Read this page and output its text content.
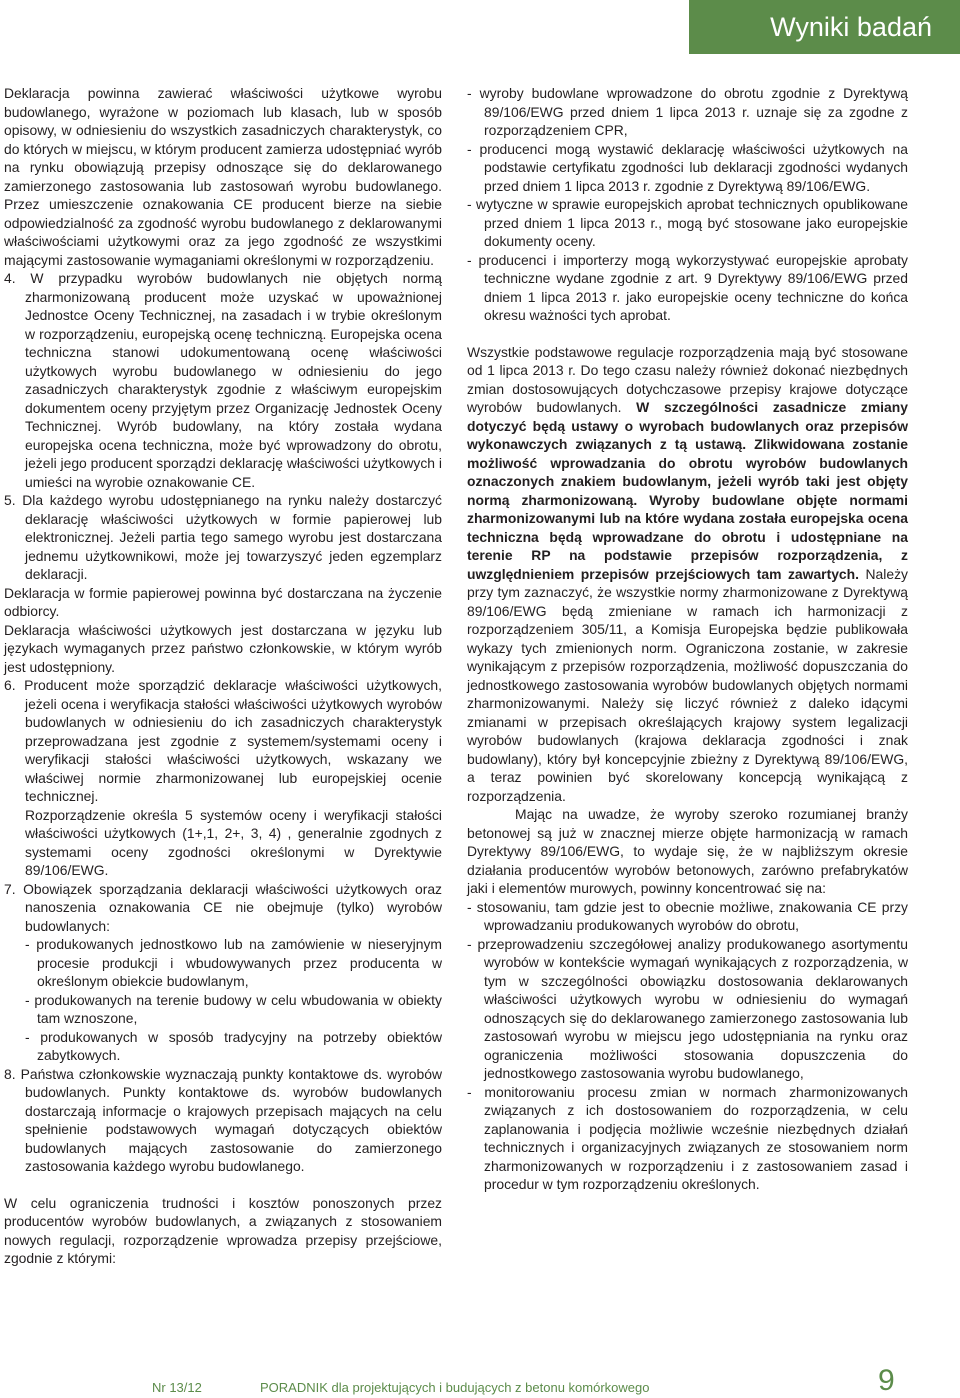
Wyniki badań

Deklaracja powinna zawierać właściwości użytkowe wyrobu budowlanego, wyrażone w poziomach lub klasach, lub w sposób opisowy, w odniesieniu do wszystkich zasadniczych charakterystyk, co do których w miejscu, w którym producent zamierza udostępniać wyrób na rynku obowiązują przepisy odnoszące się do deklarowanego zamierzonego zastosowania lub zastosowań wyrobu budowlanego. Przez umieszczenie oznakowania CE producent bierze na siebie odpowiedzialność za zgodność wyrobu budowlanego z deklarowanymi właściwościami użytkowymi oraz za jego zgodność ze wszystkimi mającymi zastosowanie wymaganiami określonymi w rozporządzeniu.

4. W przypadku wyrobów budowlanych nie objętych normą zharmonizowaną producent może uzyskać w upoważnionej Jednostce Oceny Technicznej, na zasadach i w trybie określonym w rozporządzeniu, europejską ocenę techniczną. Europejska ocena techniczna stanowi udokumentowaną ocenę właściwości użytkowych wyrobu budowlanego w odniesieniu do jego zasadniczych charakterystyk zgodnie z właściwym europejskim dokumentem oceny przyjętym przez Organizację Jednostek Oceny Technicznej. Wyrób budowlany, na który została wydana europejska ocena techniczna, może być wprowadzony do obrotu, jeżeli jego producent sporządzi deklarację właściwości użytkowych i umieści na wyrobie oznakowanie CE.

5. Dla każdego wyrobu udostępnianego na rynku należy dostarczyć deklarację właściwości użytkowych w formie papierowej lub elektronicznej. Jeżeli partia tego samego wyrobu jest dostarczana jednemu użytkownikowi, może jej towarzyszyć jeden egzemplarz deklaracji.

Deklaracja w formie papierowej powinna być dostarczana na życzenie odbiorcy.

Deklaracja właściwości użytkowych jest dostarczana w języku lub językach wymaganych przez państwo członkowskie, w którym wyrób jest udostępniony.

6. Producent może sporządzić deklaracje właściwości użytkowych, jeżeli ocena i weryfikacja stałości właściwości użytkowych wyrobów budowlanych w odniesieniu do ich zasadniczych charakterystyk przeprowadzana jest zgodnie z systemem/systemami oceny i weryfikacji stałości właściwości użytkowych, wskazany we właściwej normie zharmonizowanej lub europejskiej ocenie technicznej.

Rozporządzenie określa 5 systemów oceny i weryfikacji stałości właściwości użytkowych (1+,1, 2+, 3, 4) , generalnie zgodnych z systemami oceny zgodności określonymi w Dyrektywie 89/106/EWG.

7. Obowiązek sporządzania deklaracji właściwości użytkowych oraz nanoszenia oznakowania CE nie obejmuje (tylko) wyrobów budowlanych:

- produkowanych jednostkowo lub na zamówienie w nieseryjnym procesie produkcji i wbudowywanych przez producenta w określonym obiekcie budowlanym,

- produkowanych na terenie budowy w celu wbudowania w obiekty tam wznoszone,

- produkowanych w sposób tradycyjny na potrzeby obiektów zabytkowych.

8. Państwa członkowskie wyznaczają punkty kontaktowe ds. wyrobów budowlanych. Punkty kontaktowe ds. wyrobów budowlanych dostarczają informacje o krajowych przepisach mających na celu spełnienie podstawowych wymagań dotyczących obiektów budowlanych mających zastosowanie do zamierzonego zastosowania każdego wyrobu budowlanego.

W celu ograniczenia trudności i kosztów ponoszonych przez producentów wyrobów budowlanych, a związanych z stosowaniem nowych regulacji, rozporządzenie wprowadza przepisy przejściowe, zgodnie z którymi:

- wyroby budowlane wprowadzone do obrotu zgodnie z Dyrektywą 89/106/EWG przed dniem 1 lipca 2013 r. uznaje się za zgodne z rozporządzeniem CPR,

- producenci mogą wystawić deklarację właściwości użytkowych na podstawie certyfikatu zgodności lub deklaracji zgodności wydanych przed dniem 1 lipca 2013 r. zgodnie z Dyrektywą 89/106/EWG.

- wytyczne w sprawie europejskich aprobat technicznych opublikowane przed dniem 1 lipca 2013 r., mogą być stosowane jako europejskie dokumenty oceny.

- producenci i importerzy mogą wykorzystywać europejskie aprobaty techniczne wydane zgodnie z art. 9 Dyrektywy 89/106/EWG przed dniem 1 lipca 2013 r. jako europejskie oceny techniczne do końca okresu ważności tych aprobat.

Wszystkie podstawowe regulacje rozporządzenia mają być stosowane od 1 lipca 2013 r. Do tego czasu należy również dokonać niezbędnych zmian dostosowujących dotychczasowe przepisy krajowe dotyczące wyrobów budowlanych. W szczególności zasadnicze zmiany dotyczyć będą ustawy o wyrobach budowlanych oraz przepisów wykonawczych związanych z tą ustawą. Zlikwidowana zostanie możliwość wprowadzania do obrotu wyrobów budowlanych oznaczonych znakiem budowlanym, jeżeli wyrób taki jest objęty normą zharmonizowaną. Wyroby budowlane objęte normami zharmonizowanymi lub na które wydana została europejska ocena techniczna będą wprowadzane do obrotu i udostępniane na terenie RP na podstawie przepisów rozporządzenia, z uwzględnieniem przepisów przejściowych tam zawartych. Należy przy tym zaznaczyć, że wszystkie normy zharmonizowane z Dyrektywą 89/106/EWG będą zmieniane w ramach ich harmonizacji z rozporządzeniem 305/11, a Komisja Europejska będzie publikowała wykazy tych zmienionych norm. Ograniczona zostanie, w zakresie wynikającym z przepisów rozporządzenia, możliwość dopuszczania do jednostkowego zastosowania wyrobów budowlanych objętych normami zharmonizowanymi. Należy się liczyć również z daleko idącymi zmianami w przepisach określających krajowy system legalizacji wyrobów budowlanych (krajowa deklaracja zgodności i znak budowlany), który był koncepcyjnie zbieżny z Dyrektywą 89/106/EWG, a teraz powinien być skorelowany koncepcją wynikającą z rozporządzenia.

Mając na uwadze, że wyroby szeroko rozumianej branży betonowej są już w znacznej mierze objęte harmonizacją w ramach Dyrektywy 89/106/EWG, to wydaje się, że w najbliższym okresie działania producentów wyrobów betonowych, zarówno prefabrykatów jaki i elementów murowych, powinny koncentrować się na:

- stosowaniu, tam gdzie jest to obecnie możliwe, znakowania CE przy wprowadzaniu produkowanych wyrobów do obrotu,

- przeprowadzeniu szczegółowej analizy produkowanego asortymentu wyrobów w kontekście wymagań wynikających z rozporządzenia, w tym w szczególności obowiązku dostosowania deklarowanych właściwości użytkowych wyrobu w odniesieniu do wymagań odnoszących się do deklarowanego zamierzonego zastosowania lub zastosowań wyrobu w miejscu jego udostępniania na rynku oraz ograniczenia możliwości stosowania dopuszczenia do jednostkowego zastosowania wyrobu budowlanego,

- monitorowaniu procesu zmian w normach zharmonizowanych związanych z ich dostosowaniem do rozporządzenia, w celu zaplanowania i podjęcia możliwie wcześnie niezbędnych działań technicznych i organizacyjnych związanych ze stosowaniem norm zharmonizowanych w rozporządzeniu i z zastosowaniem zasad i procedur w tym rozporządzeniu określonych.

Nr 13/12	PORADNIK dla projektujących i budujących z betonu komórkowego	9
